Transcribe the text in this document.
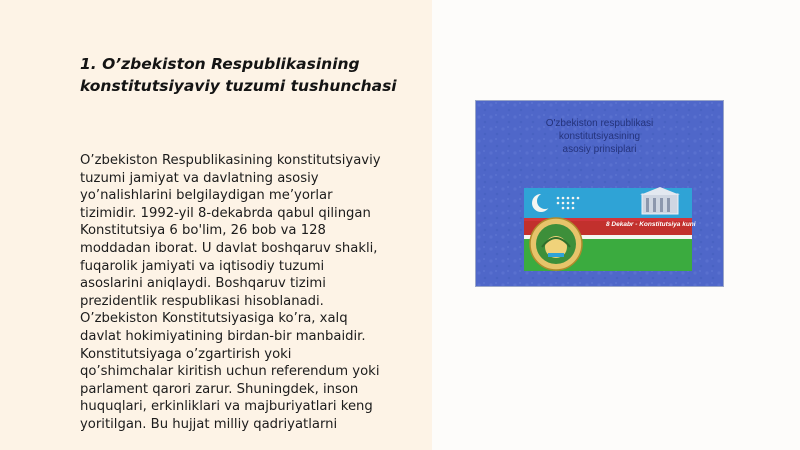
1. O’zbekiston Respublikasining
konstitutsiyaviy tuzumi tushunchasi
O’zbekiston Respublikasining konstitutsiyaviy
tuzumi jamiyat va davlatning asosiy
yo’nalishlarini belgilaydigan me’yorlar
tizimidir. 1992-yil 8-dekabrda qabul qilingan
Konstitutsiya 6 bo'lim, 26 bob va 128
moddadan iborat. U davlat boshqaruv shakli,
fuqarolik jamiyati va iqtisodiy tuzumi
asoslarini aniqlaydi. Boshqaruv tizimi
prezidentlik respublikasi hisoblanadi.
O’zbekiston Konstitutsiyasiga ko’ra, xalq
davlat hokimiyatining birdan-bir manbaidir.
Konstitutsiyaga o’zgartirish yoki
qo’shimchalar kiritish uchun referendum yoki
parlament qarori zarur. Shuningdek, inson
huquqlari, erkinliklari va majburiyatlari keng
yoritilgan. Bu hujjat milliy qadriyatlarni
O'zbekiston respublikasi
konstitutsiyasining
asosiy prinsiplari
8 Dekabr - Konstitutsiya kuni
